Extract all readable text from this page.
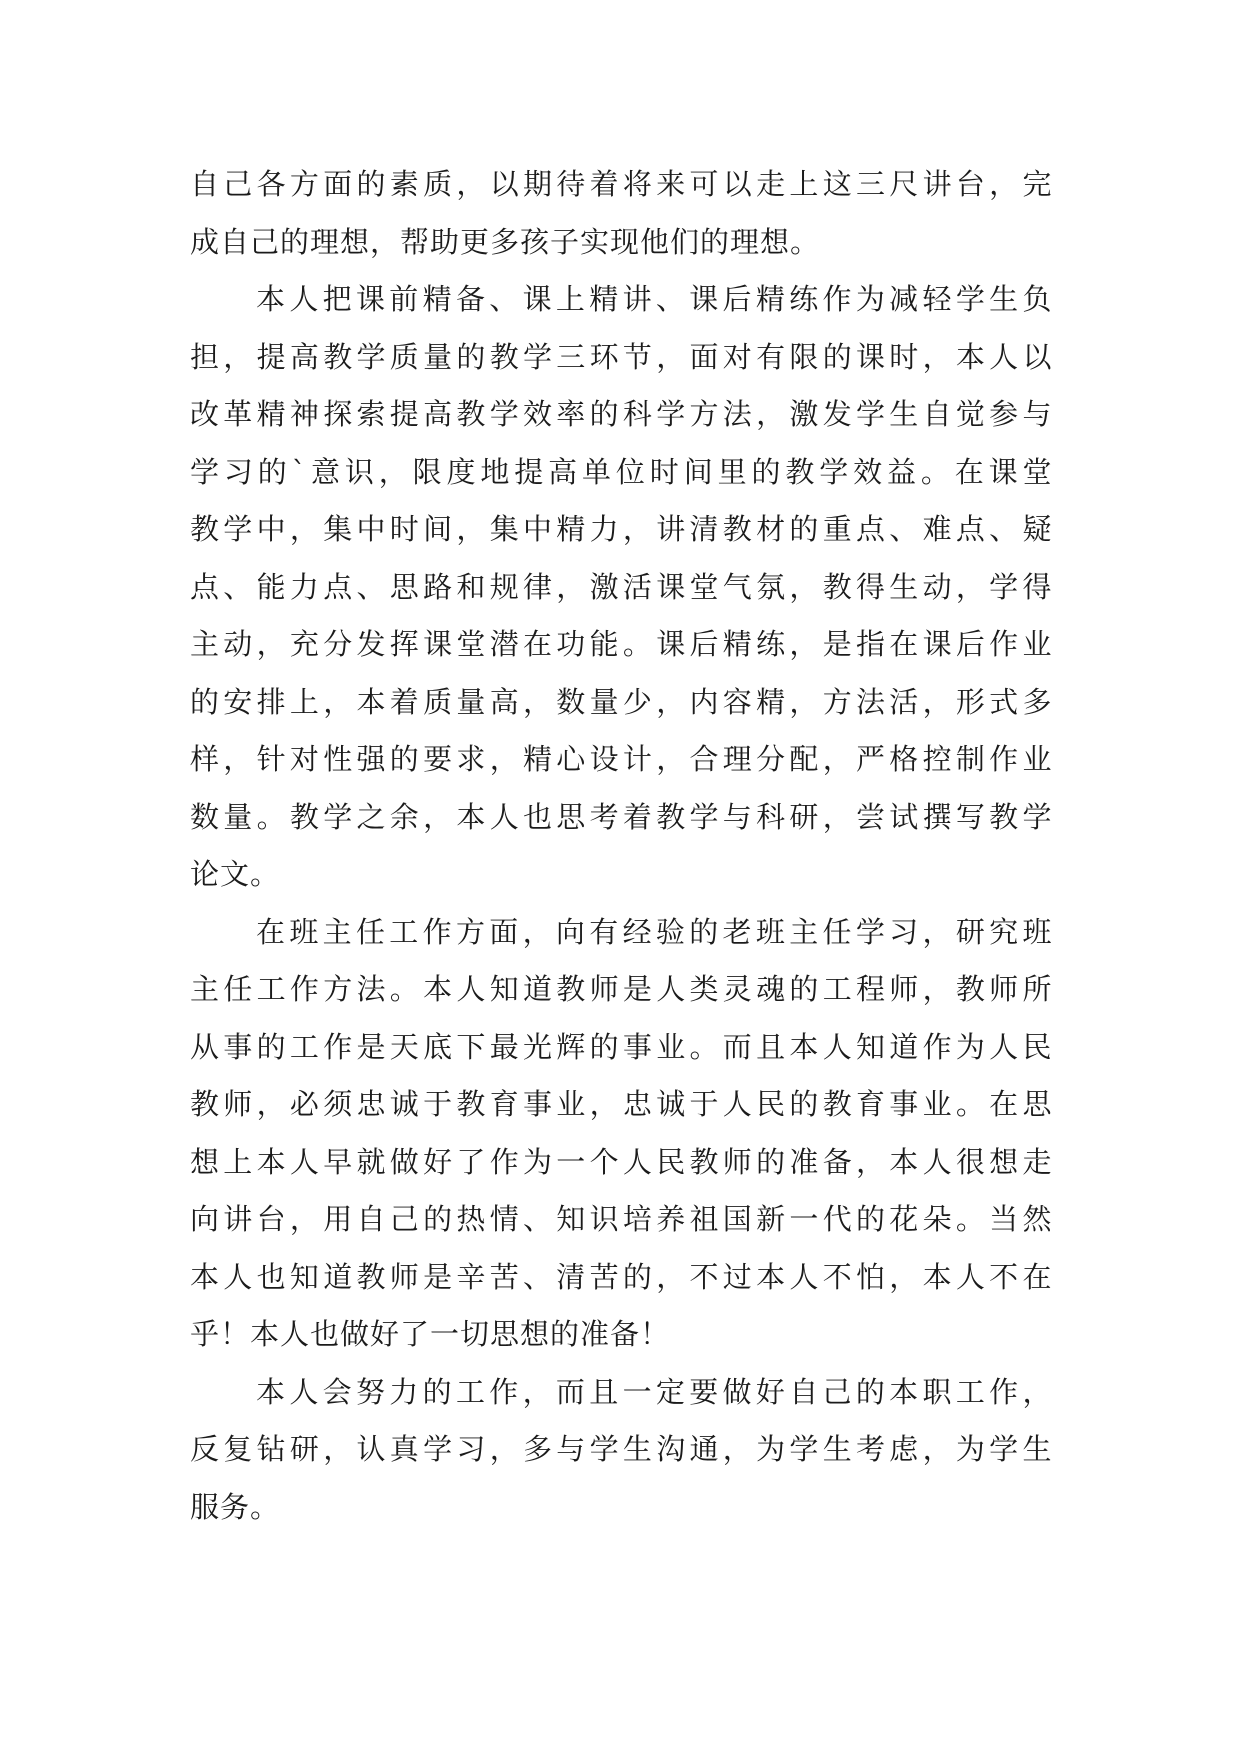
自己各方面的素质，以期待着将来可以走上这三尺讲台，完
成自己的理想，帮助更多孩子实现他们的理想。
本人把课前精备、课上精讲、课后精练作为减轻学生负
担，提高教学质量的教学三环节，面对有限的课时，本人以
改革精神探索提高教学效率的科学方法，激发学生自觉参与
学习的`意识，限度地提高单位时间里的教学效益。在课堂
教学中，集中时间，集中精力，讲清教材的重点、难点、疑
点、能力点、思路和规律，激活课堂气氛，教得生动，学得
主动，充分发挥课堂潜在功能。课后精练，是指在课后作业
的安排上，本着质量高，数量少，内容精，方法活，形式多
样，针对性强的要求，精心设计，合理分配，严格控制作业
数量。教学之余，本人也思考着教学与科研，尝试撰写教学
论文。
在班主任工作方面，向有经验的老班主任学习，研究班
主任工作方法。本人知道教师是人类灵魂的工程师，教师所
从事的工作是天底下最光辉的事业。而且本人知道作为人民
教师，必须忠诚于教育事业，忠诚于人民的教育事业。在思
想上本人早就做好了作为一个人民教师的准备，本人很想走
向讲台，用自己的热情、知识培养祖国新一代的花朵。当然
本人也知道教师是辛苦、清苦的，不过本人不怕，本人不在
乎！本人也做好了一切思想的准备！
本人会努力的工作，而且一定要做好自己的本职工作，
反复钻研，认真学习，多与学生沟通，为学生考虑，为学生
服务。
